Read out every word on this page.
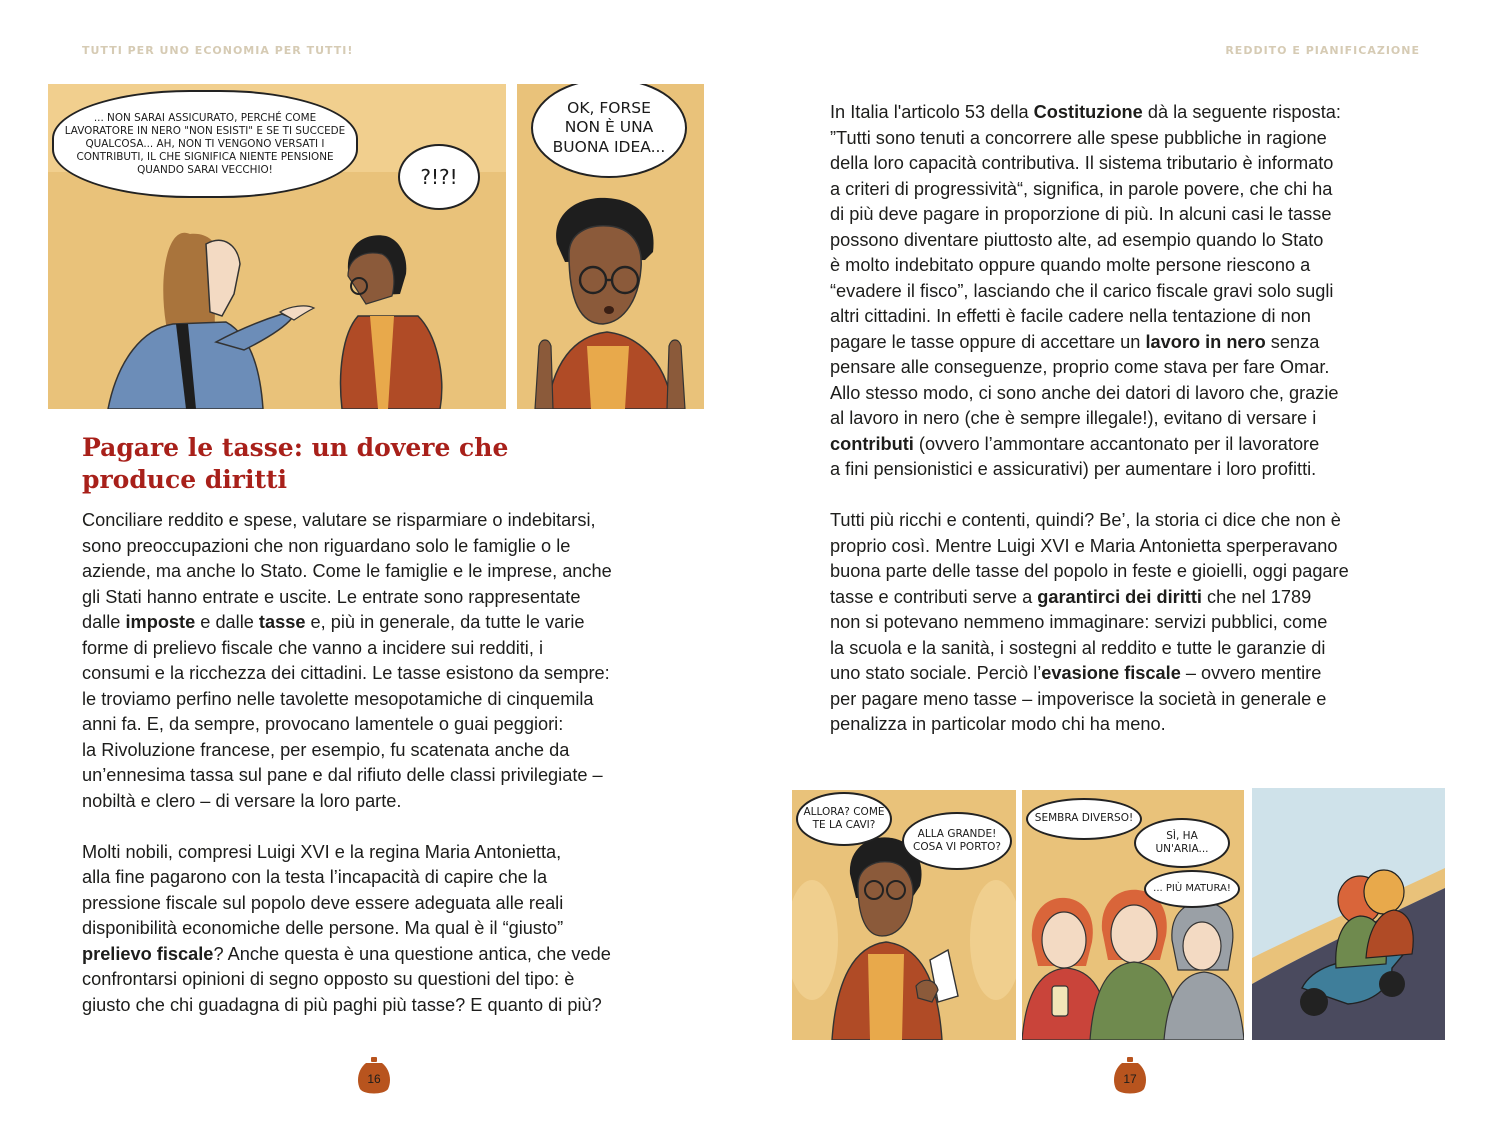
TUTTI PER UNO ECONOMIA PER TUTTI!	REDDITO E PIANIFICAZIONE
... NON SARAI ASSICURATO, PERCHÉ COME
LAVORATORE IN NERO "NON ESISTI" E SE TI SUCCEDE
QUALCOSA... AH, NON TI VENGONO VERSATI I
CONTRIBUTI, IL CHE SIGNIFICA NIENTE PENSIONE
QUANDO SARAI VECCHIO!	?!?!
OK, FORSE
NON È UNA
BUONA IDEA...
Pagare le tasse: un dovere che produce diritti

Conciliare reddito e spese, valutare se risparmiare o indebitarsi,
sono preoccupazioni che non riguardano solo le famiglie o le
aziende, ma anche lo Stato. Come le famiglie e le imprese, anche
gli Stati hanno entrate e uscite. Le entrate sono rappresentate
dalle imposte e dalle tasse e, più in generale, da tutte le varie
forme di prelievo fiscale che vanno a incidere sui redditi, i
consumi e la ricchezza dei cittadini. Le tasse esistono da sempre:
le troviamo perfino nelle tavolette mesopotamiche di cinquemila
anni fa. E, da sempre, provocano lamentele o guai peggiori:
la Rivoluzione francese, per esempio, fu scatenata anche da
un’ennesima tassa sul pane e dal rifiuto delle classi privilegiate –
nobiltà e clero – di versare la loro parte.

Molti nobili, compresi Luigi XVI e la regina Maria Antonietta,
alla fine pagarono con la testa l’incapacità di capire che la
pressione fiscale sul popolo deve essere adeguata alle reali
disponibilità economiche delle persone. Ma qual è il “giusto”
prelievo fiscale? Anche questa è una questione antica, che vede
confrontarsi opinioni di segno opposto su questioni del tipo: è
giusto che chi guadagna di più paghi più tasse? E quanto di più?

In Italia l'articolo 53 della Costituzione dà la seguente risposta:
”Tutti sono tenuti a concorrere alle spese pubbliche in ragione
della loro capacità contributiva. Il sistema tributario è informato
a criteri di progressività“, significa, in parole povere, che chi ha
di più deve pagare in proporzione di più. In alcuni casi le tasse
possono diventare piuttosto alte, ad esempio quando lo Stato
è molto indebitato oppure quando molte persone riescono a
“evadere il fisco”, lasciando che il carico fiscale gravi solo sugli
altri cittadini. In effetti è facile cadere nella tentazione di non
pagare le tasse oppure di accettare un lavoro in nero senza
pensare alle conseguenze, proprio come stava per fare Omar.
Allo stesso modo, ci sono anche dei datori di lavoro che, grazie
al lavoro in nero (che è sempre illegale!), evitano di versare i
contributi (ovvero l’ammontare accantonato per il lavoratore
a fini pensionistici e assicurativi) per aumentare i loro profitti.

Tutti più ricchi e contenti, quindi? Be’, la storia ci dice che non è
proprio così. Mentre Luigi XVI e Maria Antonietta sperperavano
buona parte delle tasse del popolo in feste e gioielli, oggi pagare
tasse e contributi serve a garantirci dei diritti che nel 1789
non si potevano nemmeno immaginare: servizi pubblici, come
la scuola e la sanità, i sostegni al reddito e tutte le garanzie di
uno stato sociale. Perciò l’evasione fiscale – ovvero mentire
per pagare meno tasse – impoverisce la società in generale e
penalizza in particolar modo chi ha meno.

ALLORA? COME
TE LA CAVI?
ALLA GRANDE!
COSA VI PORTO?
SEMBRA DIVERSO!
SÌ, HA
UN'ARIA...
... PIÙ MATURA!
16	17
